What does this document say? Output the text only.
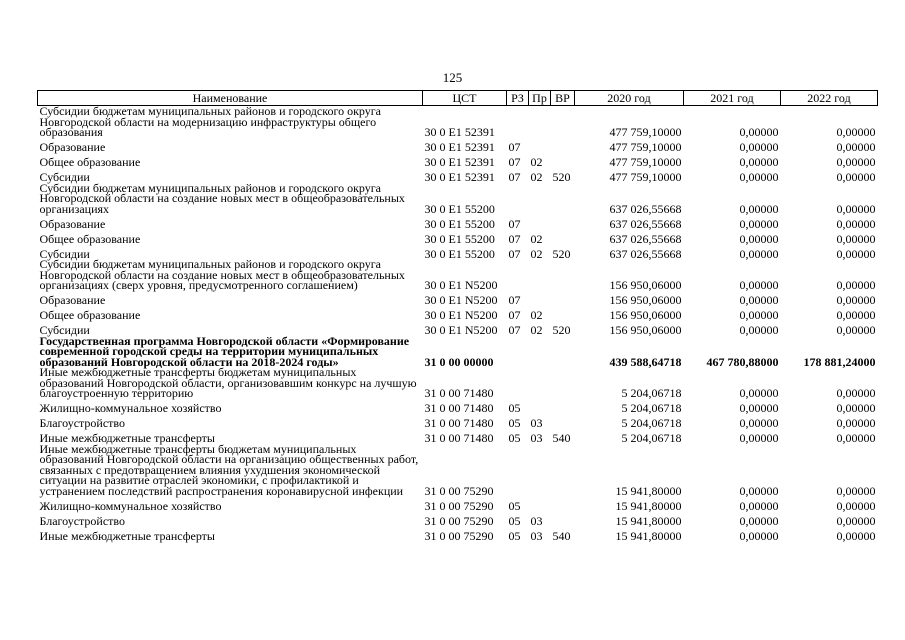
125
Наименование	ЦСТ	РЗ	Пр	ВР	2020 год	2021 год	2022 год
Субсидии бюджетам муниципальных районов и городского округа Новгородской области на модернизацию инфраструктуры общего образования	30 0 E1 52391				477 759,10000	0,00000	0,00000
Образование	30 0 E1 52391	07			477 759,10000	0,00000	0,00000
Общее образование	30 0 E1 52391	07	02		477 759,10000	0,00000	0,00000
Субсидии	30 0 E1 52391	07	02	520	477 759,10000	0,00000	0,00000
Субсидии бюджетам муниципальных районов и городского округа Новгородской области на создание новых мест в общеобразовательных организациях	30 0 E1 55200				637 026,55668	0,00000	0,00000
Образование	30 0 E1 55200	07			637 026,55668	0,00000	0,00000
Общее образование	30 0 E1 55200	07	02		637 026,55668	0,00000	0,00000
Субсидии	30 0 E1 55200	07	02	520	637 026,55668	0,00000	0,00000
Субсидии бюджетам муниципальных районов и городского округа Новгородской области на создание новых мест в общеобразовательных организациях (сверх уровня, предусмотренного соглашением)	30 0 E1 N5200				156 950,06000	0,00000	0,00000
Образование	30 0 E1 N5200	07			156 950,06000	0,00000	0,00000
Общее образование	30 0 E1 N5200	07	02		156 950,06000	0,00000	0,00000
Субсидии	30 0 E1 N5200	07	02	520	156 950,06000	0,00000	0,00000
Государственная программа Новгородской области «Формирование современной городской среды на территории муниципальных образований Новгородской области на 2018-2024 годы»	31 0 00 00000				439 588,64718	467 780,88000	178 881,24000
Иные межбюджетные трансферты бюджетам муниципальных образований Новгородской области, организовавшим конкурс на лучшую благоустроенную территорию	31 0 00 71480				5 204,06718	0,00000	0,00000
Жилищно-коммунальное хозяйство	31 0 00 71480	05			5 204,06718	0,00000	0,00000
Благоустройство	31 0 00 71480	05	03		5 204,06718	0,00000	0,00000
Иные межбюджетные трансферты	31 0 00 71480	05	03	540	5 204,06718	0,00000	0,00000
Иные межбюджетные трансферты бюджетам муниципальных образований Новгородской области на организацию общественных работ, связанных с предотвращением влияния ухудшения экономической ситуации на развитие отраслей экономики, с профилактикой и устранением последствий распространения коронавирусной инфекции	31 0 00 75290				15 941,80000	0,00000	0,00000
Жилищно-коммунальное хозяйство	31 0 00 75290	05			15 941,80000	0,00000	0,00000
Благоустройство	31 0 00 75290	05	03		15 941,80000	0,00000	0,00000
Иные межбюджетные трансферты	31 0 00 75290	05	03	540	15 941,80000	0,00000	0,00000
